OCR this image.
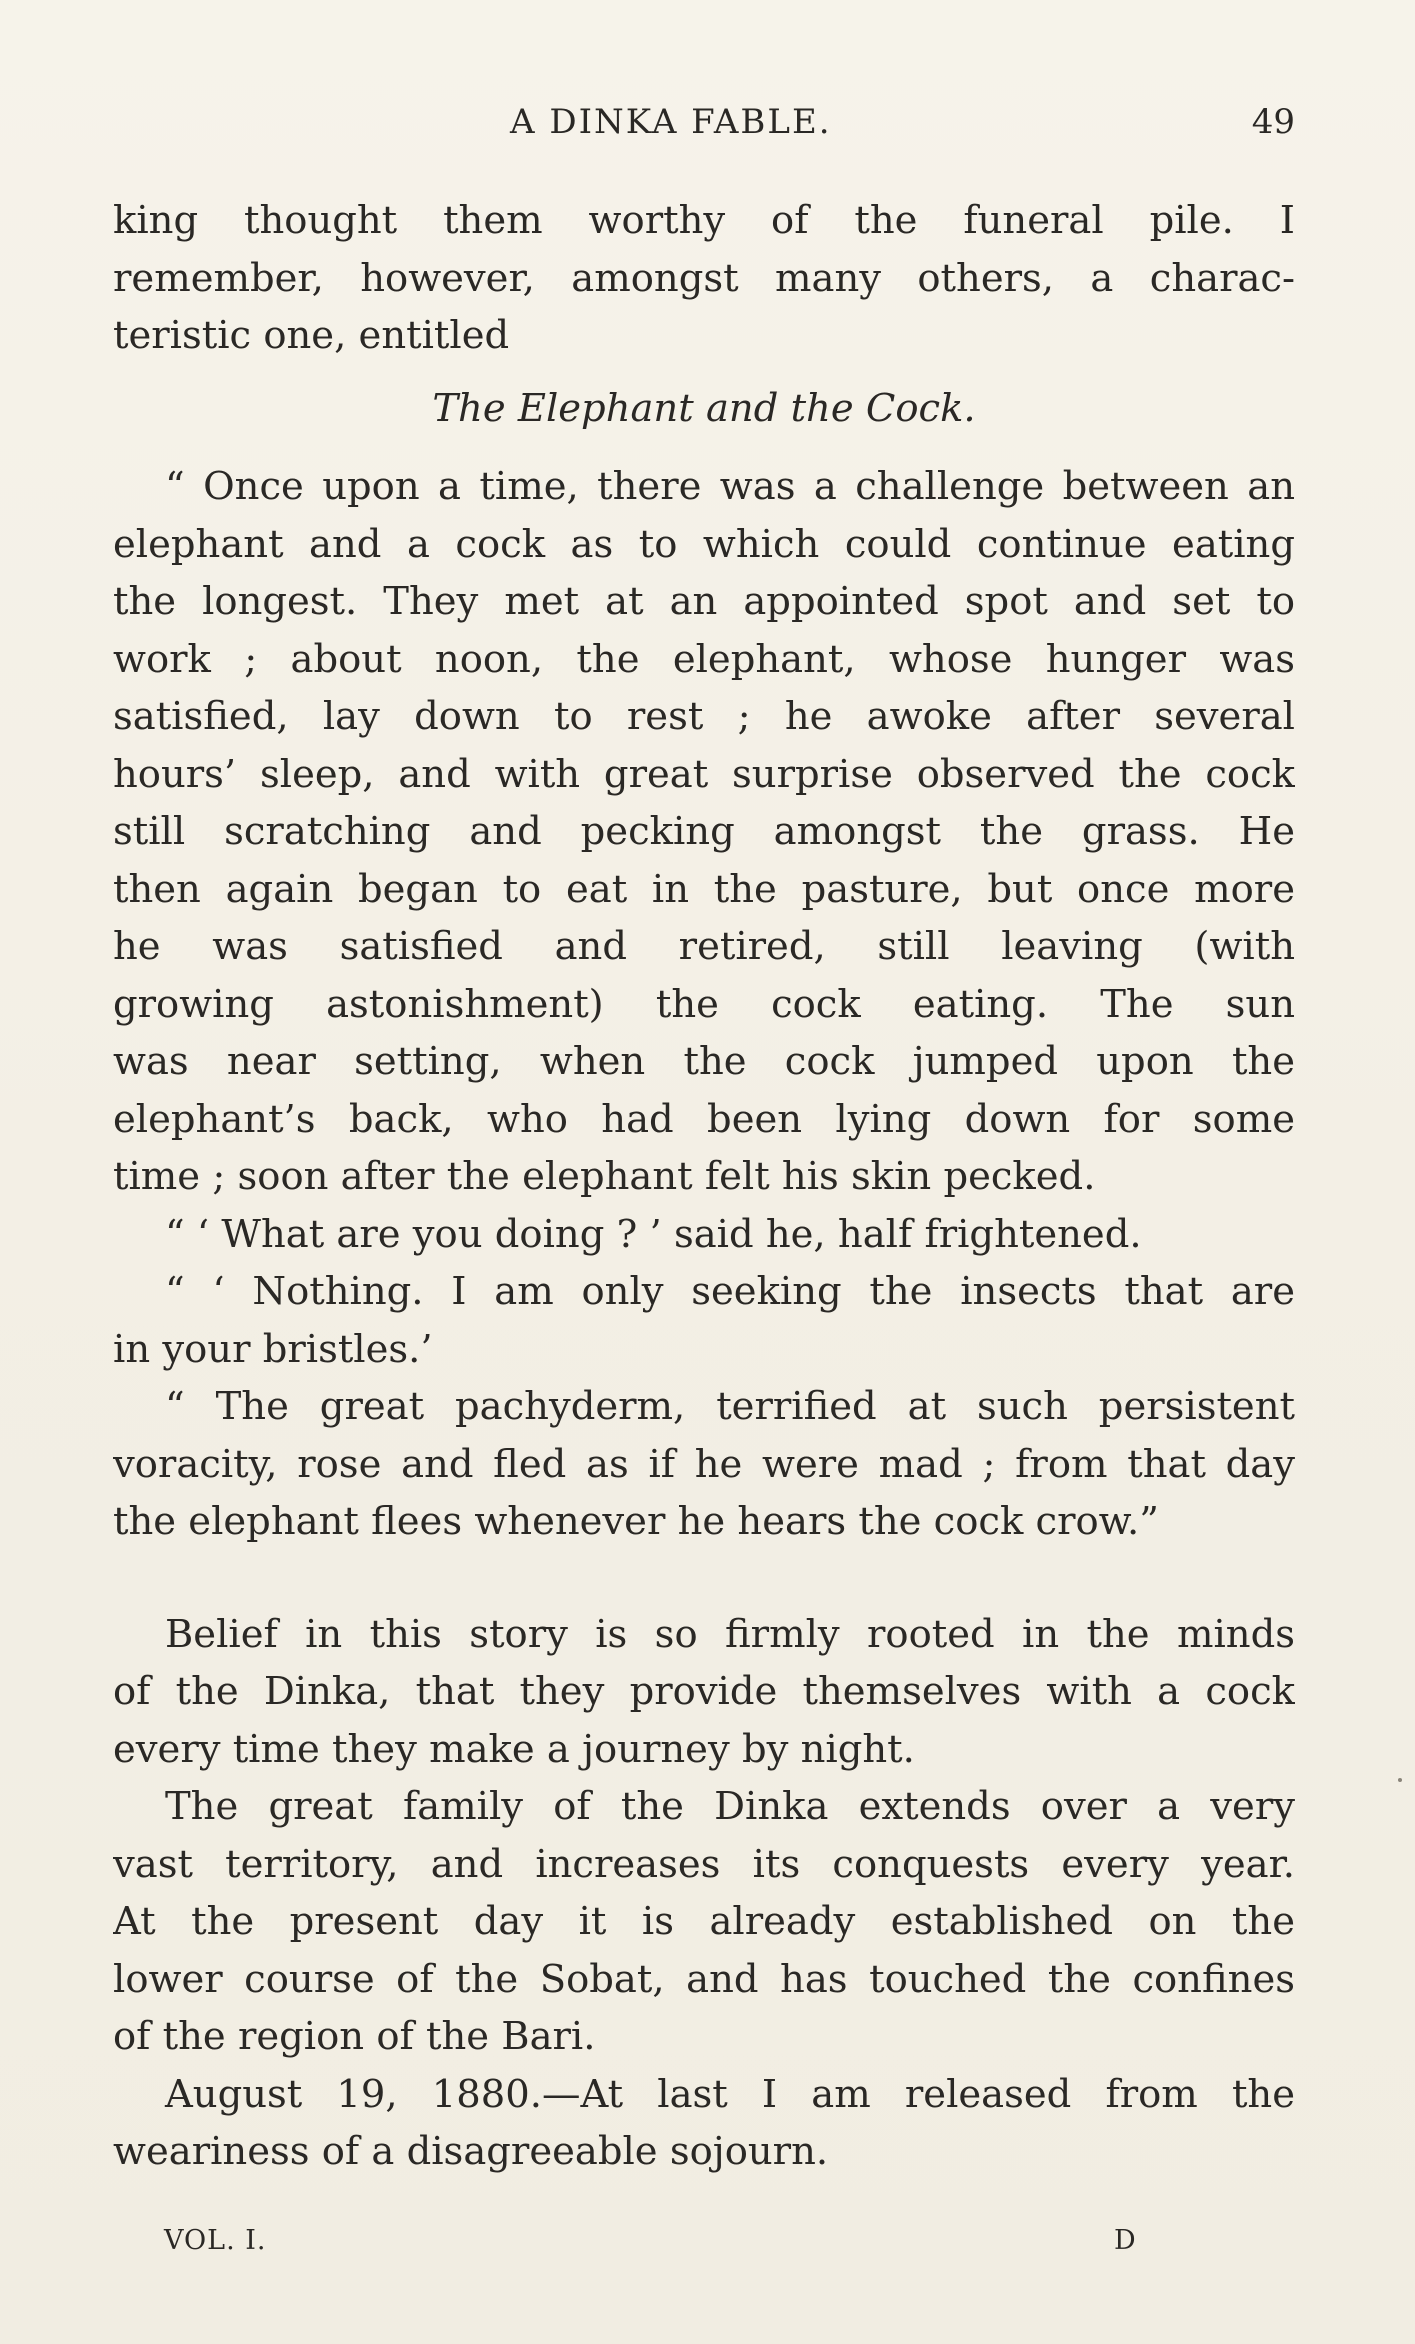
A DINKA FABLE.	49
king thought them worthy of the funeral pile. I
remember, however, amongst many others, a charac-
teristic one, entitled
The Elephant and the Cock.
“ Once upon a time, there was a challenge between an
elephant and a cock as to which could continue eating
the longest. They met at an appointed spot and set to
work ; about noon, the elephant, whose hunger was
satisfied, lay down to rest ; he awoke after several
hours’ sleep, and with great surprise observed the cock
still scratching and pecking amongst the grass. He
then again began to eat in the pasture, but once more
he was satisfied and retired, still leaving (with
growing astonishment) the cock eating. The sun
was near setting, when the cock jumped upon the
elephant’s back, who had been lying down for some
time ; soon after the elephant felt his skin pecked.
“ ‘ What are you doing ? ’ said he, half frightened.
“ ‘ Nothing. I am only seeking the insects that are
in your bristles.’
“ The great pachyderm, terrified at such persistent
voracity, rose and fled as if he were mad ; from that day
the elephant flees whenever he hears the cock crow.”
Belief in this story is so firmly rooted in the minds
of the Dinka, that they provide themselves with a cock
every time they make a journey by night.
The great family of the Dinka extends over a very
vast territory, and increases its conquests every year.
At the present day it is already established on the
lower course of the Sobat, and has touched the confines
of the region of the Bari.
August 19, 1880.—At last I am released from the
weariness of a disagreeable sojourn.
VOL. I.	D
